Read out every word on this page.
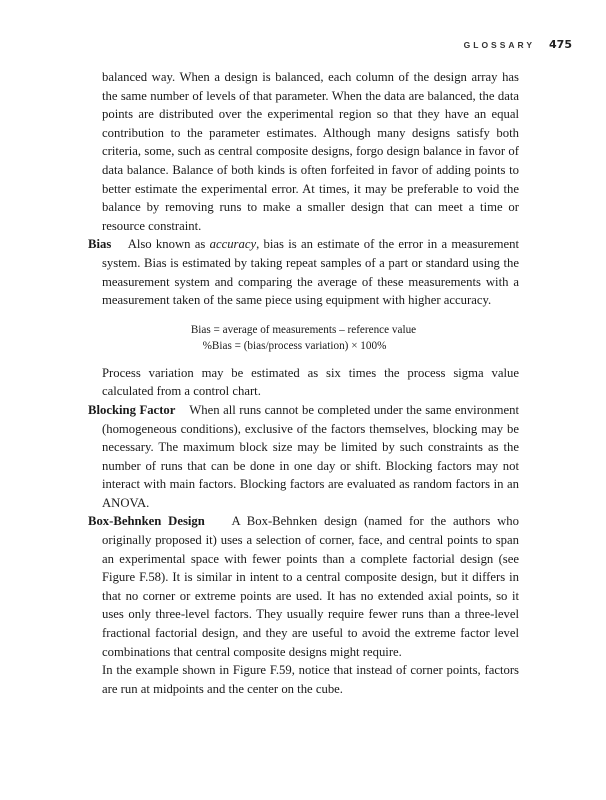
GLOSSARY 475

balanced way. When a design is balanced, each column of the design array has the same number of levels of that parameter. When the data are balanced, the data points are distributed over the experimental region so that they have an equal contribution to the parameter estimates. Although many designs satisfy both criteria, some, such as central composite designs, forgo design balance in favor of data balance. Balance of both kinds is often forfeited in favor of adding points to better estimate the experimental error. At times, it may be preferable to void the balance by removing runs to make a smaller design that can meet a time or resource constraint.

Bias Also known as accuracy, bias is an estimate of the error in a measurement system. Bias is estimated by taking repeat samples of a part or standard using the measurement system and comparing the average of these measurements with a measurement taken of the same piece using equipment with higher accuracy.

Bias = average of measurements – reference value

%Bias = (bias/process variation) × 100%

Process variation may be estimated as six times the process sigma value calculated from a control chart.

Blocking Factor When all runs cannot be completed under the same environment (homogeneous conditions), exclusive of the factors themselves, blocking may be necessary. The maximum block size may be limited by such constraints as the number of runs that can be done in one day or shift. Blocking factors may not interact with main factors. Blocking factors are evaluated as random factors in an ANOVA.

Box-Behnken Design A Box-Behnken design (named for the authors who originally proposed it) uses a selection of corner, face, and central points to span an experimental space with fewer points than a complete factorial design (see Figure F.58). It is similar in intent to a central composite design, but it differs in that no corner or extreme points are used. It has no extended axial points, so it uses only three-level factors. They usually require fewer runs than a three-level fractional factorial design, and they are useful to avoid the extreme factor level combinations that central composite designs might require.

In the example shown in Figure F.59, notice that instead of corner points, factors are run at midpoints and the center on the cube.
